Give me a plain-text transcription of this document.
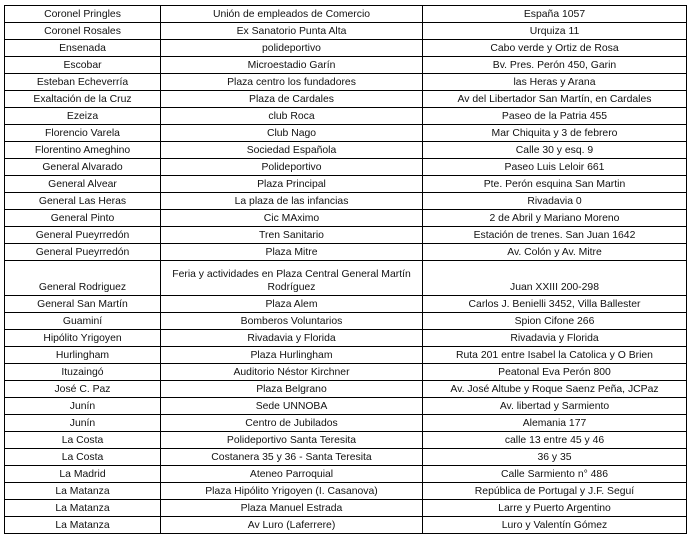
Coronel Pringles	Unión de empleados de Comercio	España 1057
Coronel Rosales	Ex Sanatorio Punta Alta	Urquiza 11
Ensenada	polideportivo	Cabo verde y Ortiz de Rosa
Escobar	Microestadio Garín	Bv. Pres. Perón 450, Garin
Esteban Echeverría	Plaza centro los fundadores	las Heras y Arana
Exaltación de la Cruz	Plaza de Cardales	Av del Libertador San Martín, en Cardales
Ezeiza	club Roca	Paseo de la Patria 455
Florencio Varela	Club Nago	Mar Chiquita y 3 de febrero
Florentino Ameghino	Sociedad Española	Calle 30 y esq. 9
General Alvarado	Polideportivo	Paseo Luis Leloir 661
General Alvear	Plaza Principal	Pte. Perón esquina San Martin
General Las Heras	La plaza de las infancias	Rivadavia 0
General Pinto	Cic MAximo	2 de Abril y Mariano Moreno
General Pueyrredón	Tren Sanitario	Estación de trenes. San Juan 1642
General Pueyrredón	Plaza Mitre	Av. Colón y Av. Mitre
General Rodriguez	Feria y actividades en Plaza Central General Martín Rodríguez	Juan XXIII 200-298
General San Martín	Plaza Alem	Carlos J. Benielli 3452, Villa Ballester
Guaminí	Bomberos Voluntarios	Spion Cifone 266
Hipólito Yrigoyen	Rivadavia y Florida	Rivadavia y Florida
Hurlingham	Plaza Hurlingham	Ruta 201 entre Isabel la Catolica y O Brien
Ituzaingó	Auditorio Néstor Kirchner	Peatonal Eva Perón 800
José C. Paz	Plaza Belgrano	Av. José Altube y Roque Saenz Peña, JCPaz
Junín	Sede UNNOBA	Av. libertad y Sarmiento
Junín	Centro de Jubilados	Alemania 177
La Costa	Polideportivo Santa Teresita	calle 13 entre 45 y 46
La Costa	Costanera 35 y 36 - Santa Teresita	36 y 35
La Madrid	Ateneo Parroquial	Calle Sarmiento n° 486
La Matanza	Plaza Hipólito Yrigoyen (I. Casanova)	República de Portugal y J.F. Seguí
La Matanza	Plaza Manuel Estrada	Larre y Puerto Argentino
La Matanza	Av Luro (Laferrere)	Luro y Valentín Gómez
